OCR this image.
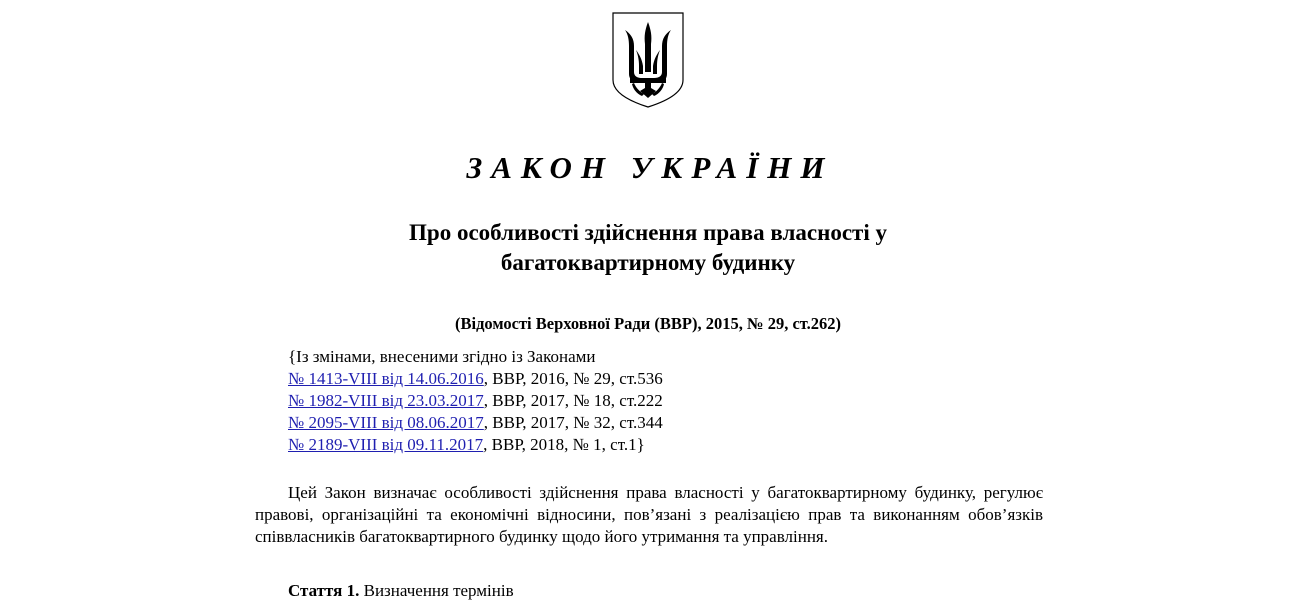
ЗАКОН УКРАЇНИ
Про особливості здійснення права власності у
багатоквартирному будинку
(Відомості Верховної Ради (ВВР), 2015, № 29, ст.262)
{Із змінами, внесеними згідно із Законами
№ 1413-VIII від 14.06.2016, ВВР, 2016, № 29, ст.536
№ 1982-VIII від 23.03.2017, ВВР, 2017, № 18, ст.222
№ 2095-VIII від 08.06.2017, ВВР, 2017, № 32, ст.344
№ 2189-VIII від 09.11.2017, ВВР, 2018, № 1, ст.1}
Цей Закон визначає особливості здійснення права власності у багатоквартирному будинку, регулює правові, організаційні та економічні відносини, пов’язані з реалізацією прав та виконанням обов’язків співвласників багатоквартирного будинку щодо його утримання та управління.
Стаття 1. Визначення термінів
